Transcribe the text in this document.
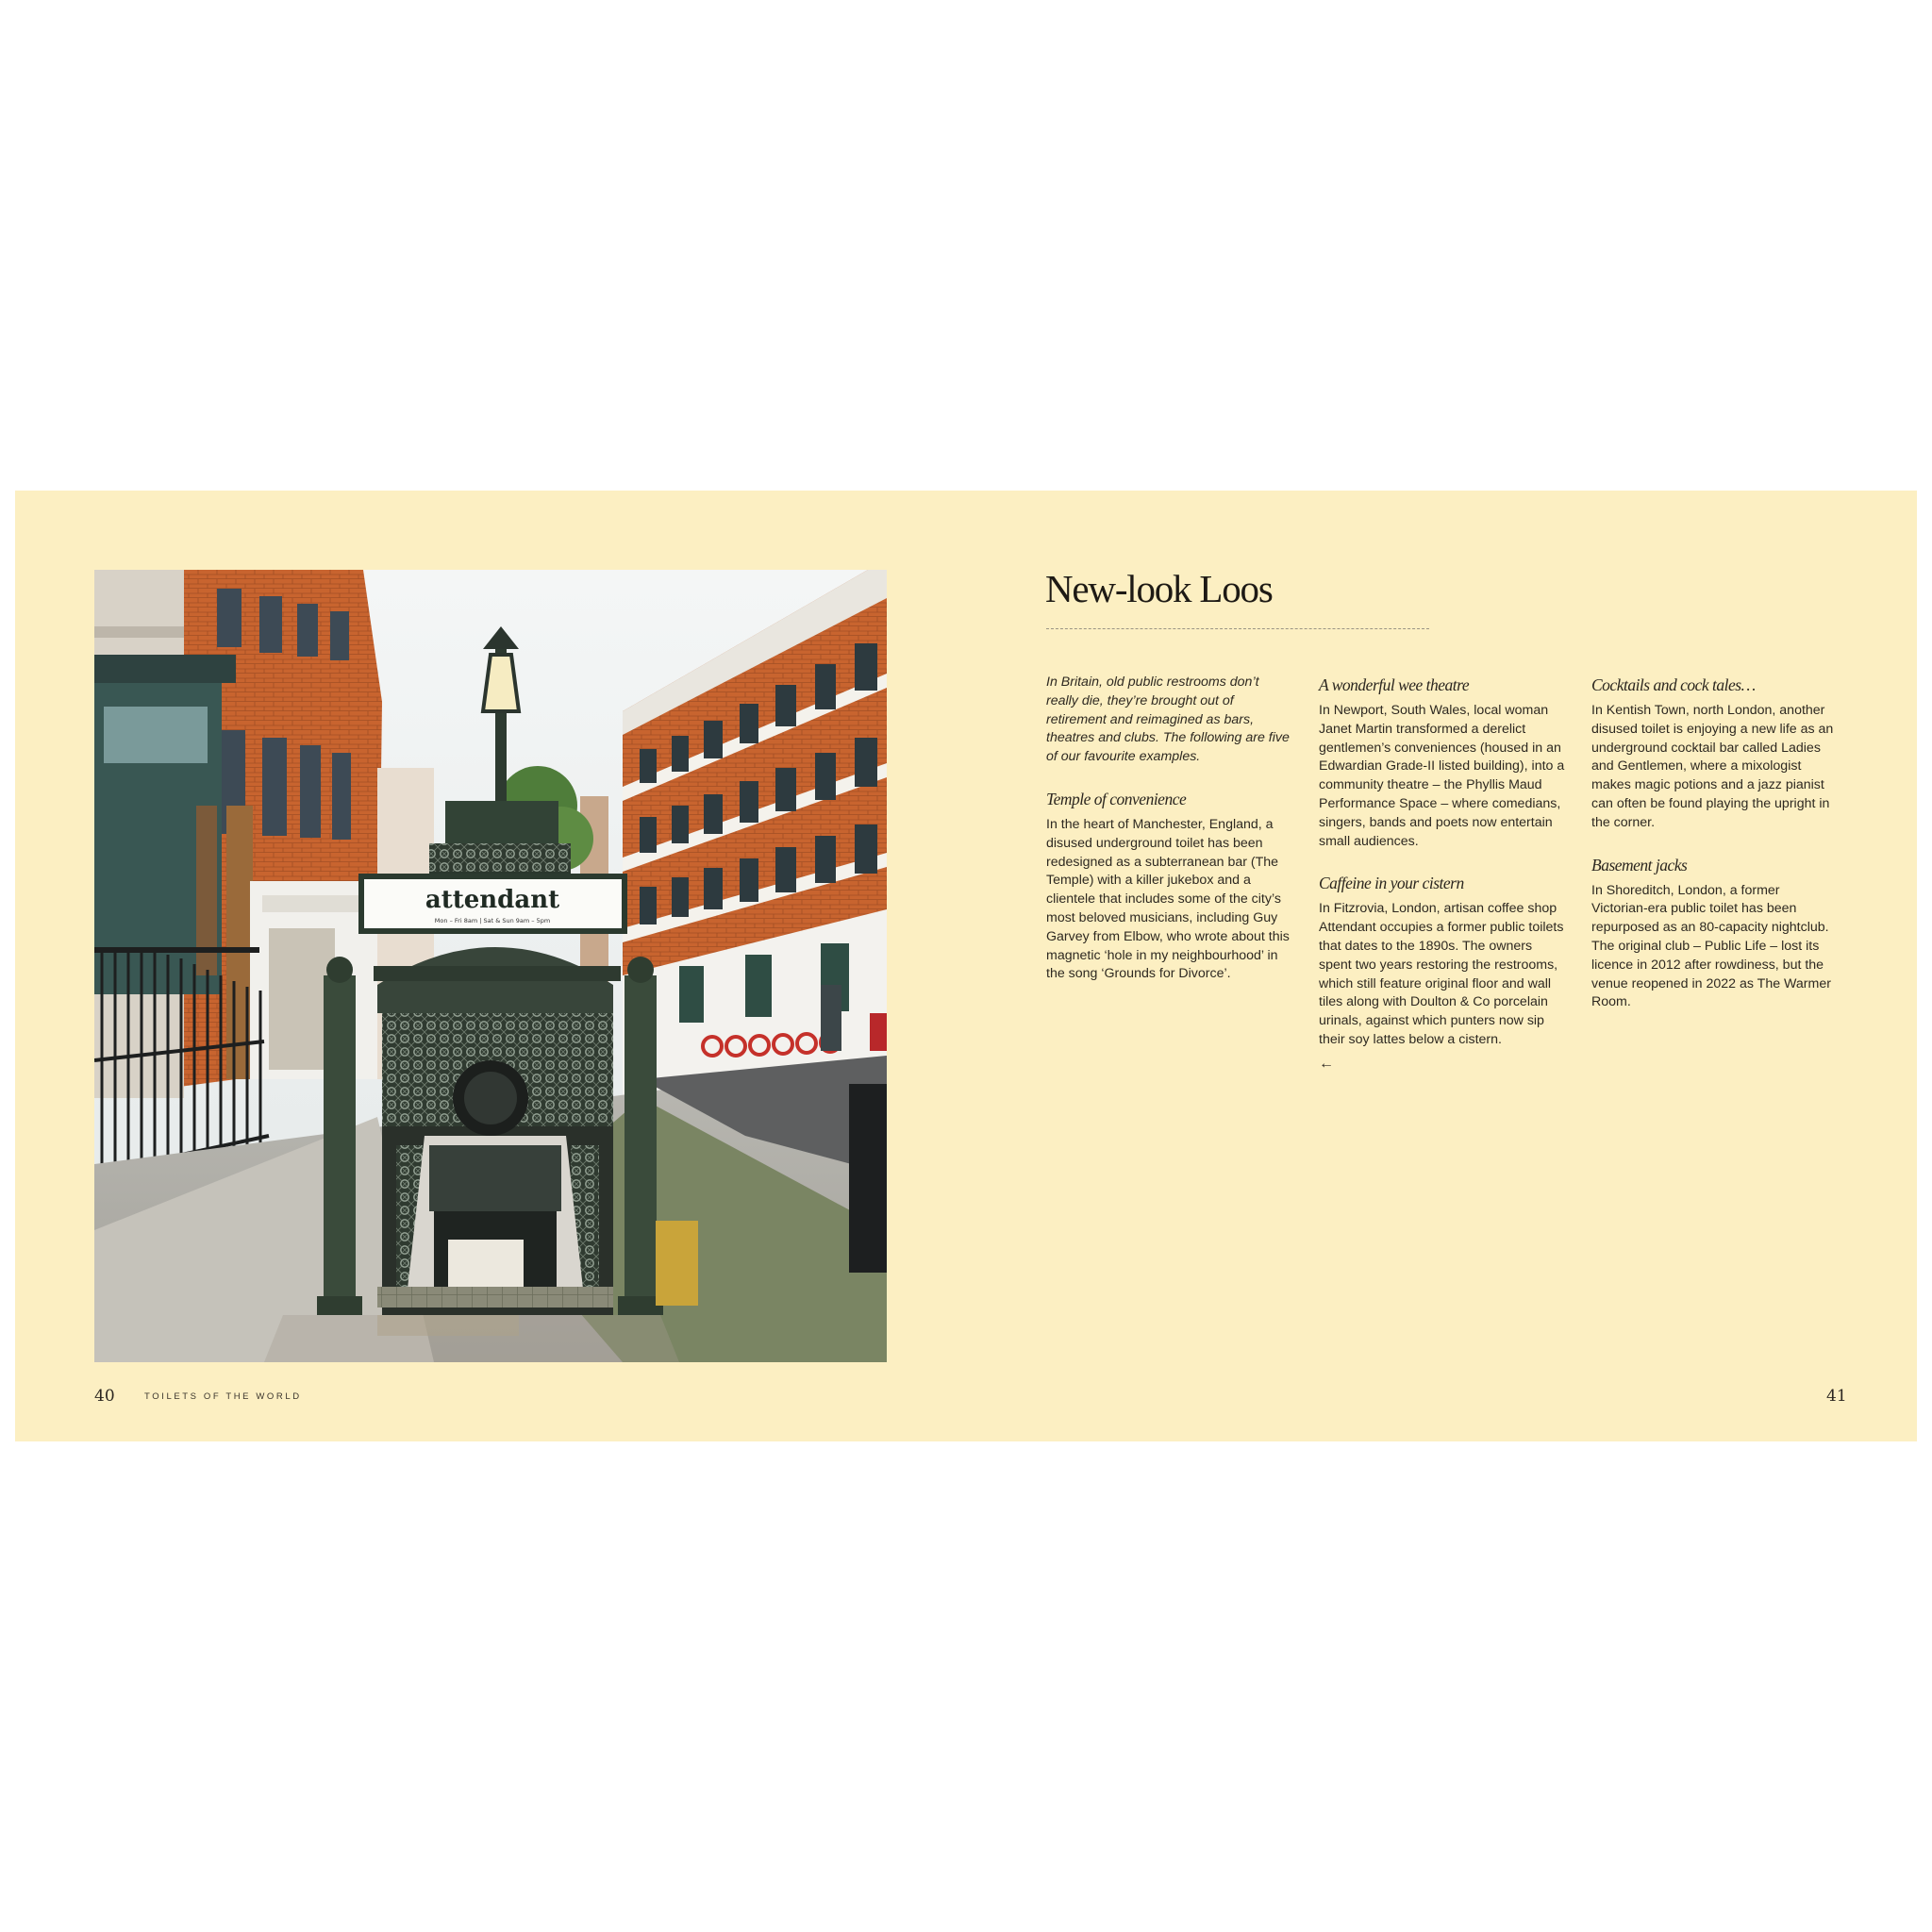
attendant
Mon – Fri 8am | Sat & Sun 9am – 5pm
40	TOILETS OF THE WORLD	41
New-look Loos

In Britain, old public restrooms don’t really die, they’re brought out of retirement and reimagined as bars, theatres and clubs. The following are five of our favourite examples.

Temple of convenience

In the heart of Manchester, England, a disused underground toilet has been redesigned as a subterranean bar (The Temple) with a killer jukebox and a clientele that includes some of the city’s most beloved musicians, including Guy Garvey from Elbow, who wrote about this magnetic ‘hole in my neighbourhood’ in the song ‘Grounds for Divorce’.

A wonderful wee theatre

In Newport, South Wales, local woman Janet Martin transformed a derelict gentlemen’s conveniences (housed in an Edwardian Grade-II listed building), into a community theatre – the Phyllis Maud Performance Space – where comedians, singers, bands and poets now entertain small audiences.

Caffeine in your cistern

In Fitzrovia, London, artisan coffee shop Attendant occupies a former public toilets that dates to the 1890s. The owners spent two years restoring the restrooms, which still feature original floor and wall tiles along with Doulton & Co porcelain urinals, against which punters now sip their soy lattes below a cistern.

←
Cocktails and cock tales…

In Kentish Town, north London, another disused toilet is enjoying a new life as an underground cocktail bar called Ladies and Gentlemen, where a mixologist makes magic potions and a jazz pianist can often be found playing the upright in the corner.

Basement jacks

In Shoreditch, London, a former Victorian-era public toilet has been repurposed as an 80-capacity nightclub. The original club – Public Life – lost its licence in 2012 after rowdiness, but the venue reopened in 2022 as The Warmer Room.
